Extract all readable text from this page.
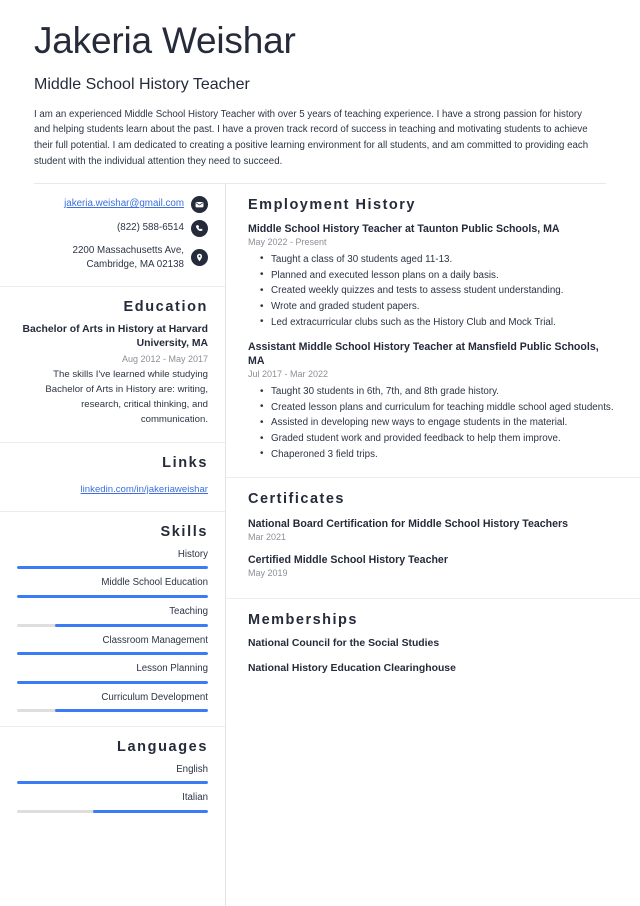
Jakeria Weishar
Middle School History Teacher

I am an experienced Middle School History Teacher with over 5 years of teaching experience. I have a strong passion for history and helping students learn about the past. I have a proven track record of success in teaching and motivating students to achieve their full potential. I am dedicated to creating a positive learning environment for all students, and am committed to providing each student with the individual attention they need to succeed.

jakeria.weishar@gmail.com
(822) 588-6514
2200 Massachusetts Ave,
Cambridge, MA 02138
Education
Bachelor of Arts in History at Harvard University, MA
Aug 2012 - May 2017
The skills I've learned while studying Bachelor of Arts in History are: writing, research, critical thinking, and communication.
Links
linkedin.com/in/jakeriaweishar
Skills
History
Middle School Education
Teaching
Classroom Management
Lesson Planning
Curriculum Development
Languages
English
Italian
Employment History
Middle School History Teacher at Taunton Public Schools, MA
May 2022 - Present
• Taught a class of 30 students aged 11-13.
• Planned and executed lesson plans on a daily basis.
• Created weekly quizzes and tests to assess student understanding.
• Wrote and graded student papers.
• Led extracurricular clubs such as the History Club and Mock Trial.
Assistant Middle School History Teacher at Mansfield Public Schools, MA
Jul 2017 - Mar 2022
• Taught 30 students in 6th, 7th, and 8th grade history.
• Created lesson plans and curriculum for teaching middle school aged students.
• Assisted in developing new ways to engage students in the material.
• Graded student work and provided feedback to help them improve.
• Chaperoned 3 field trips.
Certificates
National Board Certification for Middle School History Teachers
Mar 2021
Certified Middle School History Teacher
May 2019
Memberships
National Council for the Social Studies
National History Education Clearinghouse
